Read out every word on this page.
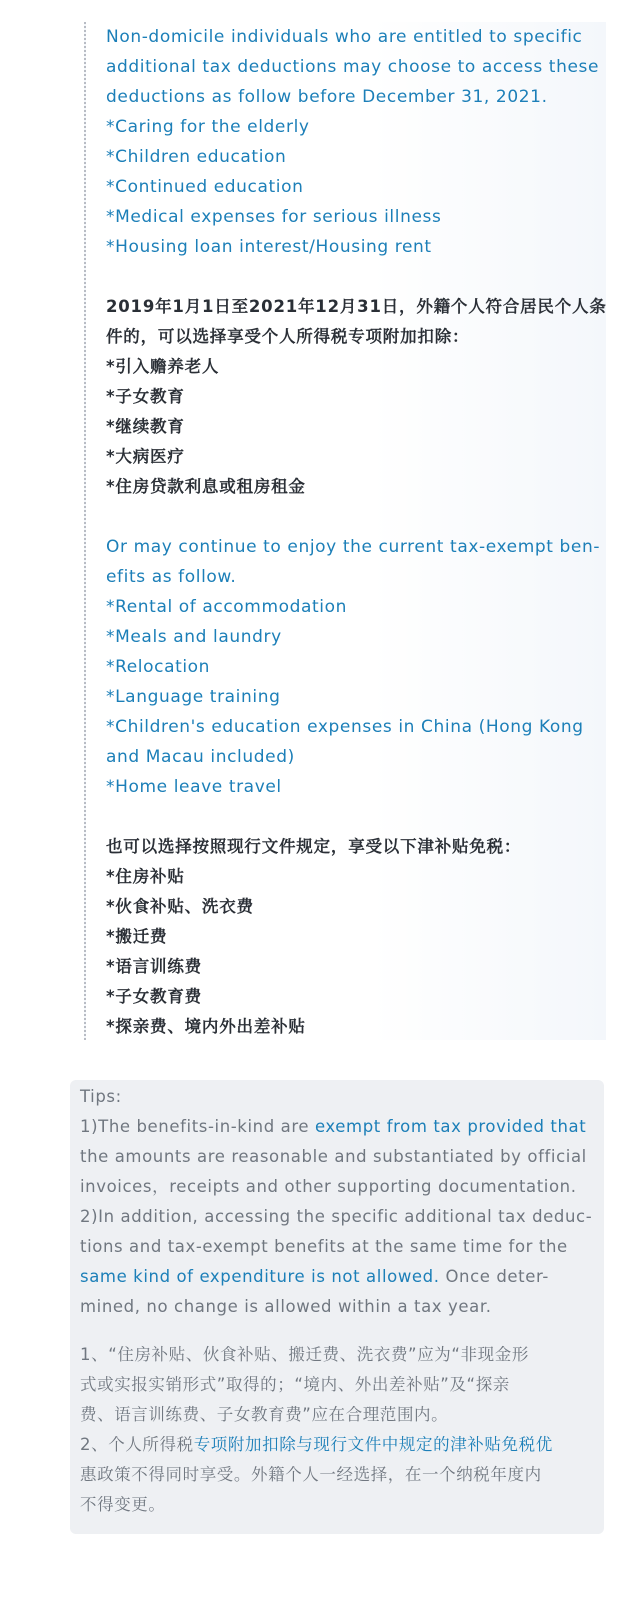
Non-domicile individuals who are entitled to specific
additional tax deductions may choose to access these
deductions as follow before December 31, 2021.
*Caring for the elderly
*Children education
*Continued education
*Medical expenses for serious illness
*Housing loan interest/Housing rent
2019年1月1日至2021年12月31日，外籍个人符合居民个人条
件的，可以选择享受个人所得税专项附加扣除：
*引入赡养老人
*子女教育
*继续教育
*大病医疗
*住房贷款利息或租房租金
Or may continue to enjoy the current tax-exempt ben-
efits as follow.
*Rental of accommodation
*Meals and laundry
*Relocation
*Language training
*Children's education expenses in China (Hong Kong
and Macau included)
*Home leave travel
也可以选择按照现行文件规定，享受以下津补贴免税：
*住房补贴
*伙食补贴、洗衣费
*搬迁费
*语言训练费
*子女教育费
*探亲费、境内外出差补贴
Tips:
1)The benefits-in-kind are exempt from tax provided that
the amounts are reasonable and substantiated by official
invoices，receipts and other supporting documentation.
2)In addition, accessing the specific additional tax deduc-
tions and tax-exempt benefits at the same time for the
same kind of expenditure is not allowed. Once deter-
mined, no change is allowed within a tax year.
1、“住房补贴、伙食补贴、搬迁费、洗衣费”应为“非现金形
式或实报实销形式”取得的；“境内、外出差补贴”及“探亲
费、语言训练费、子女教育费”应在合理范围内。
2、个人所得税专项附加扣除与现行文件中规定的津补贴免税优
惠政策不得同时享受。外籍个人一经选择，在一个纳税年度内
不得变更。
